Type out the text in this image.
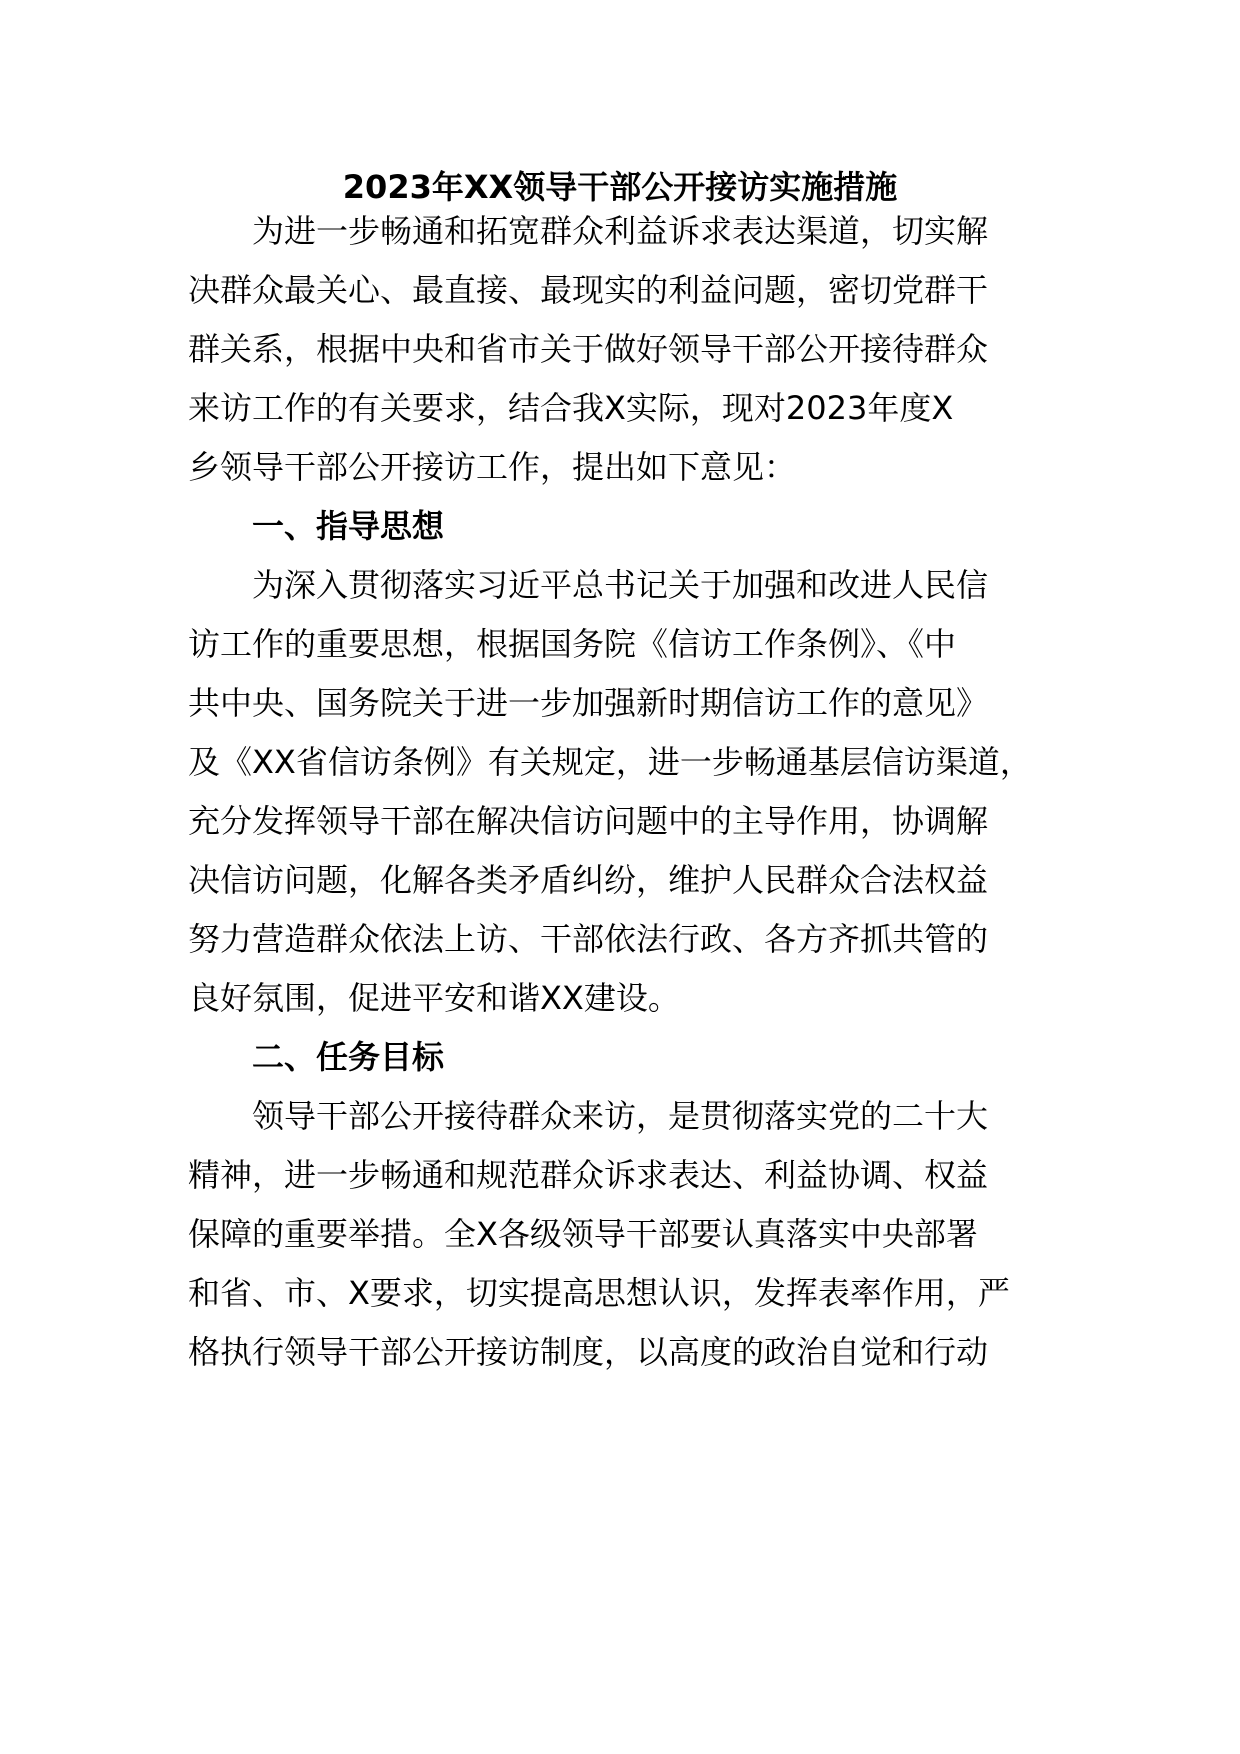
2023年XX领导干部公开接访实施措施
　　为进一步畅通和拓宽群众利益诉求表达渠道，切实解
决群众最关心、最直接、最现实的利益问题，密切党群干
群关系，根据中央和省市关于做好领导干部公开接待群众
来访工作的有关要求，结合我X实际，现对2023年度X
乡领导干部公开接访工作，提出如下意见：
　　一、指导思想
　　为深入贯彻落实习近平总书记关于加强和改进人民信
访工作的重要思想，根据国务院《信访工作条例》、《中
共中央、国务院关于进一步加强新时期信访工作的意见》
及《XX省信访条例》有关规定，进一步畅通基层信访渠道，
充分发挥领导干部在解决信访问题中的主导作用，协调解
决信访问题，化解各类矛盾纠纷，维护人民群众合法权益
努力营造群众依法上访、干部依法行政、各方齐抓共管的
良好氛围，促进平安和谐XX建设。
　　二、任务目标
　　领导干部公开接待群众来访，是贯彻落实党的二十大
精神，进一步畅通和规范群众诉求表达、利益协调、权益
保障的重要举措。全X各级领导干部要认真落实中央部署
和省、市、X要求，切实提高思想认识，发挥表率作用，严
格执行领导干部公开接访制度，以高度的政治自觉和行动
